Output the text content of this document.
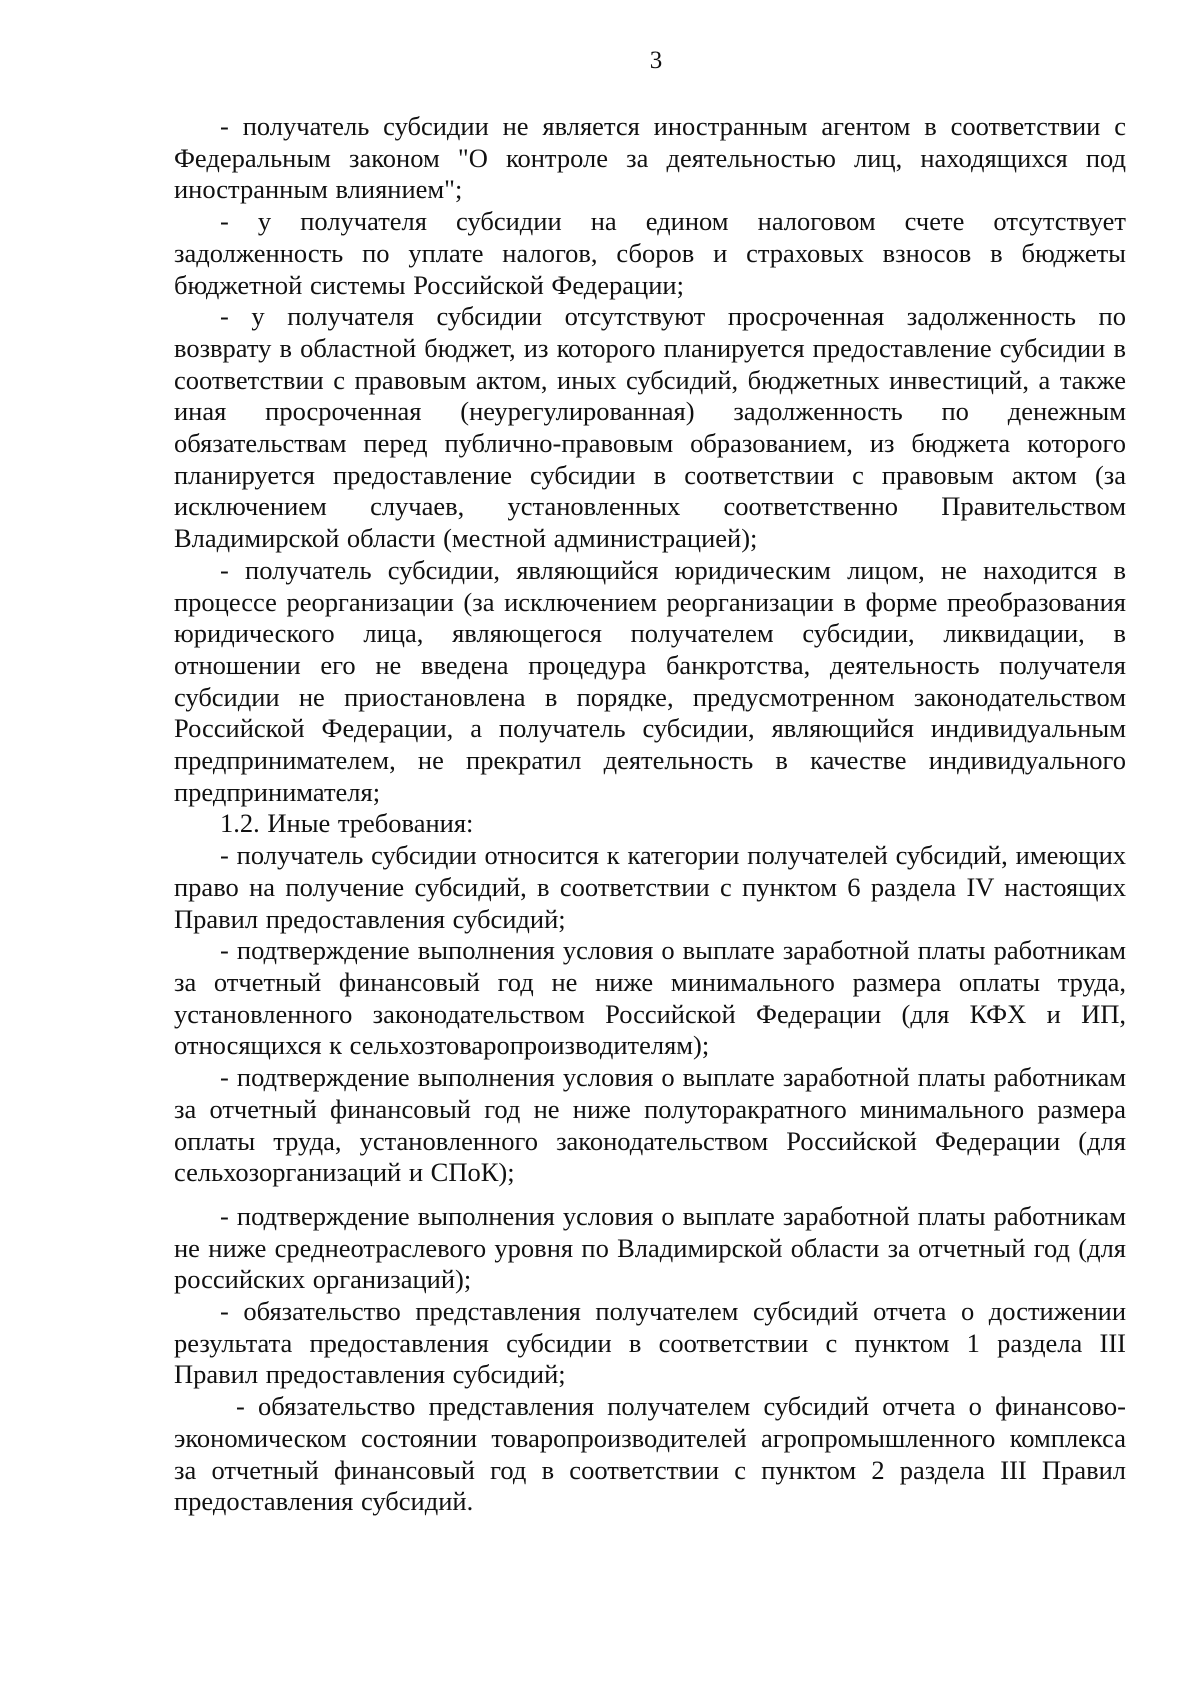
3

- получатель субсидии не является иностранным агентом в соответствии с Федеральным законом "О контроле за деятельностью лиц, находящихся под иностранным влиянием";

- у получателя субсидии на едином налоговом счете отсутствует задолженность по уплате налогов, сборов и страховых взносов в бюджеты бюджетной системы Российской Федерации;

- у получателя субсидии отсутствуют просроченная задолженность по возврату в областной бюджет, из которого планируется предоставление субсидии в соответствии с правовым актом, иных субсидий, бюджетных инвестиций, а также иная просроченная (неурегулированная) задолженность по денежным обязательствам перед публично-правовым образованием, из бюджета которого планируется предоставление субсидии в соответствии с правовым актом (за исключением случаев, установленных соответственно Правительством Владимирской области (местной администрацией);

- получатель субсидии, являющийся юридическим лицом, не находится в процессе реорганизации (за исключением реорганизации в форме преобразования юридического лица, являющегося получателем субсидии, ликвидации, в отношении его не введена процедура банкротства, деятельность получателя субсидии не приостановлена в порядке, предусмотренном законодательством Российской Федерации, а получатель субсидии, являющийся индивидуальным предпринимателем, не прекратил деятельность в качестве индивидуального предпринимателя;

1.2. Иные требования:

- получатель субсидии относится к категории получателей субсидий, имеющих право на получение субсидий, в соответствии с пунктом 6 раздела IV настоящих Правил предоставления субсидий;

- подтверждение выполнения условия о выплате заработной платы работникам за отчетный финансовый год не ниже минимального размера оплаты труда, установленного законодательством Российской Федерации (для КФХ и ИП, относящихся к сельхозтоваропроизводителям);

- подтверждение выполнения условия о выплате заработной платы работникам за отчетный финансовый год не ниже полуторакратного минимального размера оплаты труда, установленного законодательством Российской Федерации (для сельхозорганизаций и СПоК);

- подтверждение выполнения условия о выплате заработной платы работникам не ниже среднеотраслевого уровня по Владимирской области за отчетный год (для российских организаций);

- обязательство представления получателем субсидий отчета о достижении результата предоставления субсидии в соответствии с пунктом 1 раздела III Правил предоставления субсидий;

- обязательство представления получателем субсидий отчета о финансово-экономическом состоянии товаропроизводителей агропромышленного комплекса за отчетный финансовый год в соответствии с пунктом 2 раздела III Правил предоставления субсидий.
